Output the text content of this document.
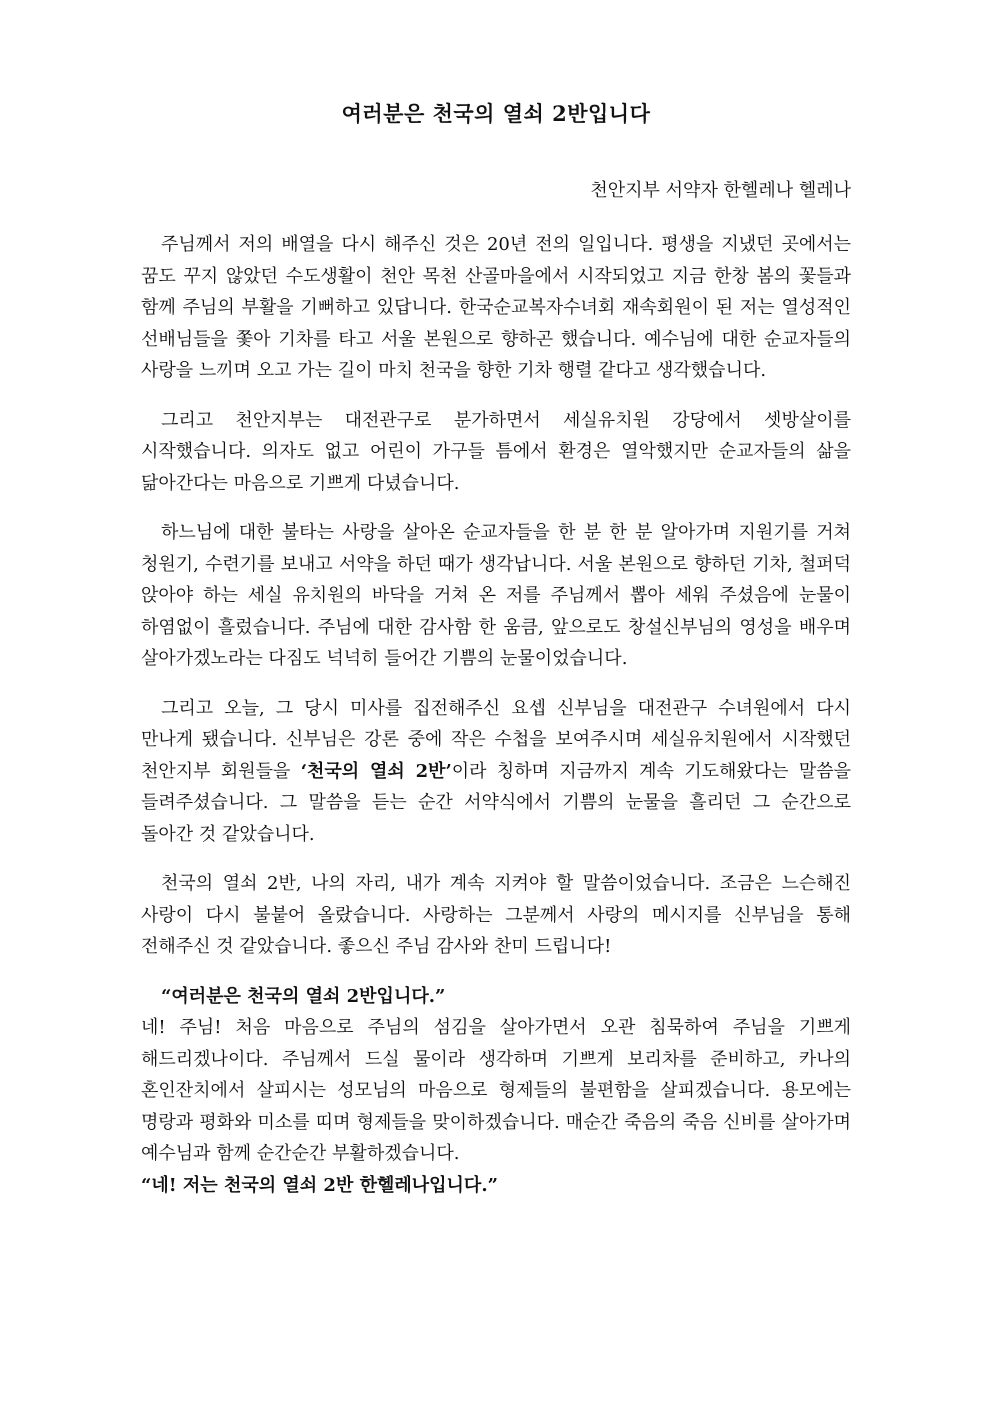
여러분은 천국의 열쇠 2반입니다

천안지부 서약자 한헬레나 헬레나

주님께서 저의 배열을 다시 해주신 것은 20년 전의 일입니다. 평생을 지냈던 곳에서는 꿈도 꾸지 않았던 수도생활이 천안 목천 산골마을에서 시작되었고 지금 한창 봄의 꽃들과 함께 주님의 부활을 기뻐하고 있답니다. 한국순교복자수녀회 재속회원이 된 저는 열성적인 선배님들을 쫓아 기차를 타고 서울 본원으로 향하곤 했습니다. 예수님에 대한 순교자들의 사랑을 느끼며 오고 가는 길이 마치 천국을 향한 기차 행렬 같다고 생각했습니다.

그리고 천안지부는 대전관구로 분가하면서 세실유치원 강당에서 셋방살이를 시작했습니다. 의자도 없고 어린이 가구들 틈에서 환경은 열악했지만 순교자들의 삶을 닮아간다는 마음으로 기쁘게 다녔습니다.

하느님에 대한 불타는 사랑을 살아온 순교자들을 한 분 한 분 알아가며 지원기를 거쳐 청원기, 수련기를 보내고 서약을 하던 때가 생각납니다. 서울 본원으로 향하던 기차, 철퍼덕 앉아야 하는 세실 유치원의 바닥을 거쳐 온 저를 주님께서 뽑아 세워 주셨음에 눈물이 하염없이 흘렀습니다. 주님에 대한 감사함 한 움큼, 앞으로도 창설신부님의 영성을 배우며 살아가겠노라는 다짐도 넉넉히 들어간 기쁨의 눈물이었습니다.

그리고 오늘, 그 당시 미사를 집전해주신 요셉 신부님을 대전관구 수녀원에서 다시 만나게 됐습니다. 신부님은 강론 중에 작은 수첩을 보여주시며 세실유치원에서 시작했던 천안지부 회원들을 ‘천국의 열쇠 2반’이라 칭하며 지금까지 계속 기도해왔다는 말씀을 들려주셨습니다. 그 말씀을 듣는 순간 서약식에서 기쁨의 눈물을 흘리던 그 순간으로 돌아간 것 같았습니다.

천국의 열쇠 2반, 나의 자리, 내가 계속 지켜야 할 말씀이었습니다. 조금은 느슨해진 사랑이 다시 불붙어 올랐습니다. 사랑하는 그분께서 사랑의 메시지를 신부님을 통해 전해주신 것 같았습니다. 좋으신 주님 감사와 찬미 드립니다!

“여러분은 천국의 열쇠 2반입니다.”
네! 주님! 처음 마음으로 주님의 섬김을 살아가면서 오관 침묵하여 주님을 기쁘게 해드리겠나이다. 주님께서 드실 물이라 생각하며 기쁘게 보리차를 준비하고, 카나의 혼인잔치에서 살피시는 성모님의 마음으로 형제들의 불편함을 살피겠습니다. 용모에는 명랑과 평화와 미소를 띠며 형제들을 맞이하겠습니다. 매순간 죽음의 죽음 신비를 살아가며 예수님과 함께 순간순간 부활하겠습니다.
“네! 저는 천국의 열쇠 2반 한헬레나입니다.”
